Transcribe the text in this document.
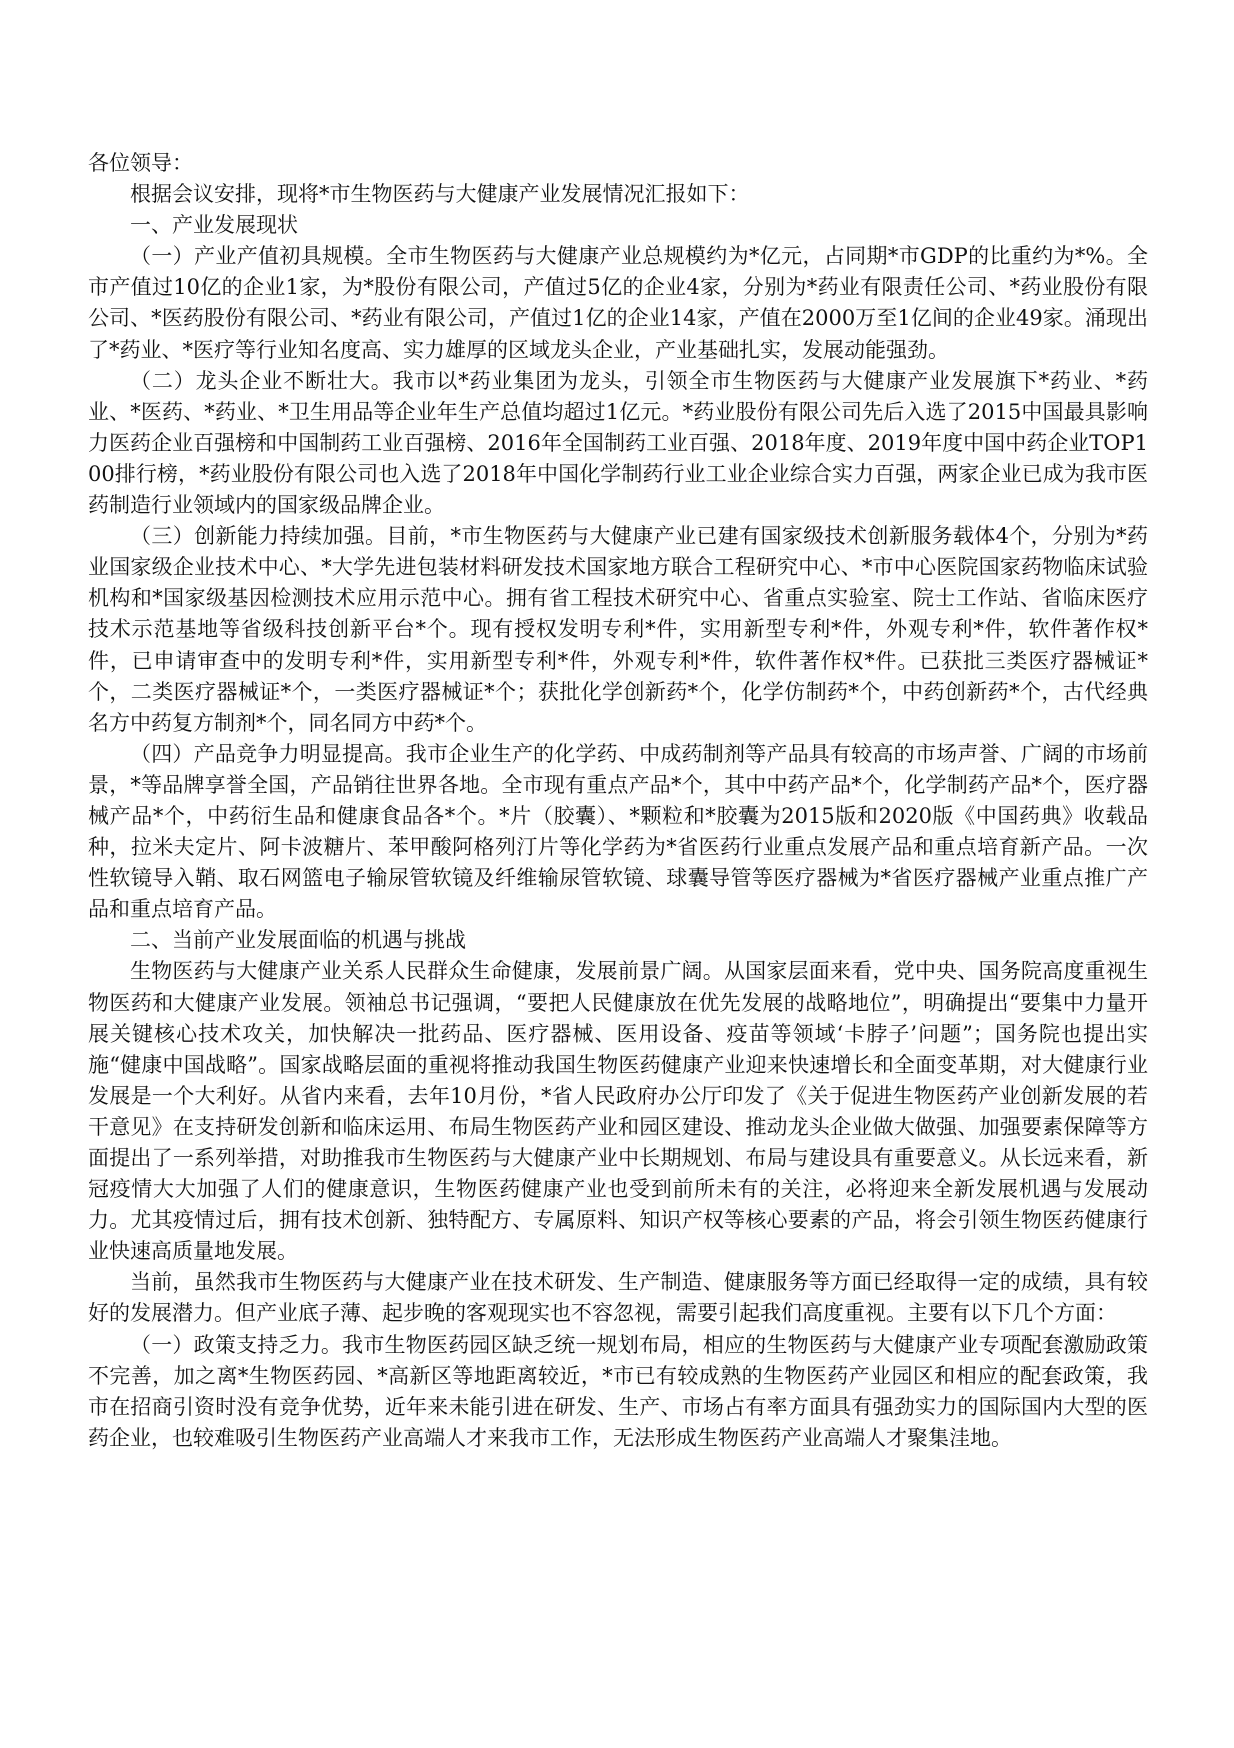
各位领导：

根据会议安排，现将*市生物医药与大健康产业发展情况汇报如下：

一、产业发展现状

（一）产业产值初具规模。全市生物医药与大健康产业总规模约为*亿元，占同期*市GDP的比重约为*%。全市产值过10亿的企业1家，为*股份有限公司，产值过5亿的企业4家，分别为*药业有限责任公司、*药业股份有限公司、*医药股份有限公司、*药业有限公司，产值过1亿的企业14家，产值在2000万至1亿间的企业49家。涌现出了*药业、*医疗等行业知名度高、实力雄厚的区域龙头企业，产业基础扎实，发展动能强劲。

（二）龙头企业不断壮大。我市以*药业集团为龙头，引领全市生物医药与大健康产业发展旗下*药业、*药业、*医药、*药业、*卫生用品等企业年生产总值均超过1亿元。*药业股份有限公司先后入选了2015中国最具影响力医药企业百强榜和中国制药工业百强榜、2016年全国制药工业百强、2018年度、2019年度中国中药企业TOP100排行榜，*药业股份有限公司也入选了2018年中国化学制药行业工业企业综合实力百强，两家企业已成为我市医药制造行业领域内的国家级品牌企业。

（三）创新能力持续加强。目前，*市生物医药与大健康产业已建有国家级技术创新服务载体4个，分别为*药业国家级企业技术中心、*大学先进包装材料研发技术国家地方联合工程研究中心、*市中心医院国家药物临床试验机构和*国家级基因检测技术应用示范中心。拥有省工程技术研究中心、省重点实验室、院士工作站、省临床医疗技术示范基地等省级科技创新平台*个。现有授权发明专利*件，实用新型专利*件，外观专利*件，软件著作权*件，已申请审查中的发明专利*件，实用新型专利*件，外观专利*件，软件著作权*件。已获批三类医疗器械证*个，二类医疗器械证*个，一类医疗器械证*个；获批化学创新药*个，化学仿制药*个，中药创新药*个，古代经典名方中药复方制剂*个，同名同方中药*个。

（四）产品竞争力明显提高。我市企业生产的化学药、中成药制剂等产品具有较高的市场声誉、广阔的市场前景，*等品牌享誉全国，产品销往世界各地。全市现有重点产品*个，其中中药产品*个，化学制药产品*个，医疗器械产品*个，中药衍生品和健康食品各*个。*片（胶囊）、*颗粒和*胶囊为2015版和2020版《中国药典》收载品种，拉米夫定片、阿卡波糖片、苯甲酸阿格列汀片等化学药为*省医药行业重点发展产品和重点培育新产品。一次性软镜导入鞘、取石网篮电子输尿管软镜及纤维输尿管软镜、球囊导管等医疗器械为*省医疗器械产业重点推广产品和重点培育产品。

二、当前产业发展面临的机遇与挑战

生物医药与大健康产业关系人民群众生命健康，发展前景广阔。从国家层面来看，党中央、国务院高度重视生物医药和大健康产业发展。领袖总书记强调，“要把人民健康放在优先发展的战略地位”，明确提出“要集中力量开展关键核心技术攻关，加快解决一批药品、医疗器械、医用设备、疫苗等领域‘卡脖子’问题”；国务院也提出实施“健康中国战略”。国家战略层面的重视将推动我国生物医药健康产业迎来快速增长和全面变革期，对大健康行业发展是一个大利好。从省内来看，去年10月份，*省人民政府办公厅印发了《关于促进生物医药产业创新发展的若干意见》在支持研发创新和临床运用、布局生物医药产业和园区建设、推动龙头企业做大做强、加强要素保障等方面提出了一系列举措，对助推我市生物医药与大健康产业中长期规划、布局与建设具有重要意义。从长远来看，新冠疫情大大加强了人们的健康意识，生物医药健康产业也受到前所未有的关注，必将迎来全新发展机遇与发展动力。尤其疫情过后，拥有技术创新、独特配方、专属原料、知识产权等核心要素的产品，将会引领生物医药健康行业快速高质量地发展。

当前，虽然我市生物医药与大健康产业在技术研发、生产制造、健康服务等方面已经取得一定的成绩，具有较好的发展潜力。但产业底子薄、起步晚的客观现实也不容忽视，需要引起我们高度重视。主要有以下几个方面：

（一）政策支持乏力。我市生物医药园区缺乏统一规划布局，相应的生物医药与大健康产业专项配套激励政策不完善，加之离*生物医药园、*高新区等地距离较近，*市已有较成熟的生物医药产业园区和相应的配套政策，我市在招商引资时没有竞争优势，近年来未能引进在研发、生产、市场占有率方面具有强劲实力的国际国内大型的医药企业，也较难吸引生物医药产业高端人才来我市工作，无法形成生物医药产业高端人才聚集洼地。
